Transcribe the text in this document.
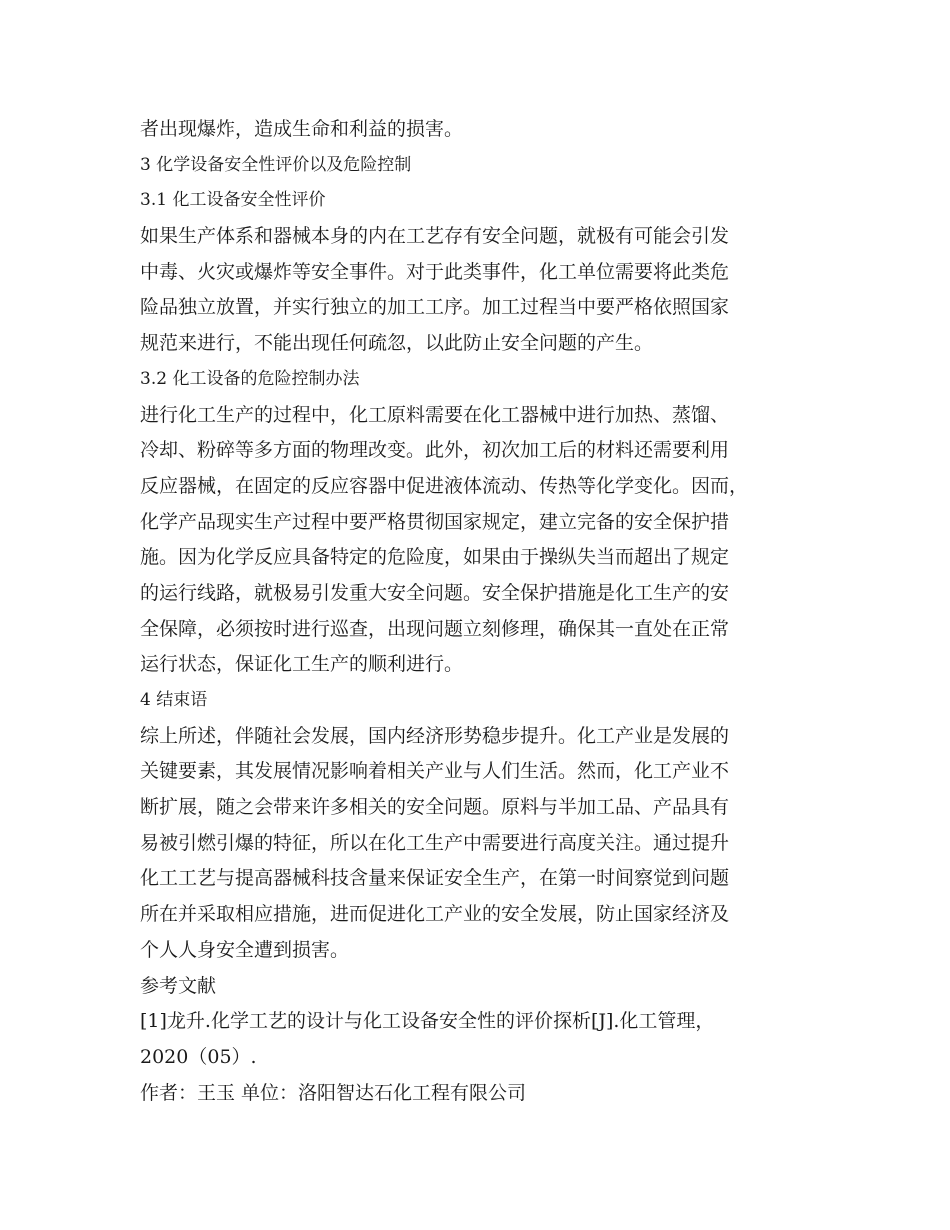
者出现爆炸，造成生命和利益的损害。
3 化学设备安全性评价以及危险控制
3.1 化工设备安全性评价
如果生产体系和器械本身的内在工艺存有安全问题，就极有可能会引发
中毒、火灾或爆炸等安全事件。对于此类事件，化工单位需要将此类危
险品独立放置，并实行独立的加工工序。加工过程当中要严格依照国家
规范来进行，不能出现任何疏忽，以此防止安全问题的产生。
3.2 化工设备的危险控制办法
进行化工生产的过程中，化工原料需要在化工器械中进行加热、蒸馏、
冷却、粉碎等多方面的物理改变。此外，初次加工后的材料还需要利用
反应器械，在固定的反应容器中促进液体流动、传热等化学变化。因而，
化学产品现实生产过程中要严格贯彻国家规定，建立完备的安全保护措
施。因为化学反应具备特定的危险度，如果由于操纵失当而超出了规定
的运行线路，就极易引发重大安全问题。安全保护措施是化工生产的安
全保障，必须按时进行巡查，出现问题立刻修理，确保其一直处在正常
运行状态，保证化工生产的顺利进行。
4 结束语
综上所述，伴随社会发展，国内经济形势稳步提升。化工产业是发展的
关键要素，其发展情况影响着相关产业与人们生活。然而，化工产业不
断扩展，随之会带来许多相关的安全问题。原料与半加工品、产品具有
易被引燃引爆的特征，所以在化工生产中需要进行高度关注。通过提升
化工工艺与提高器械科技含量来保证安全生产，在第一时间察觉到问题
所在并采取相应措施，进而促进化工产业的安全发展，防止国家经济及
个人人身安全遭到损害。
参考文献
[1]龙升.化学工艺的设计与化工设备安全性的评价探析[J].化工管理，
2020（05）.
作者：王玉 单位：洛阳智达石化工程有限公司
